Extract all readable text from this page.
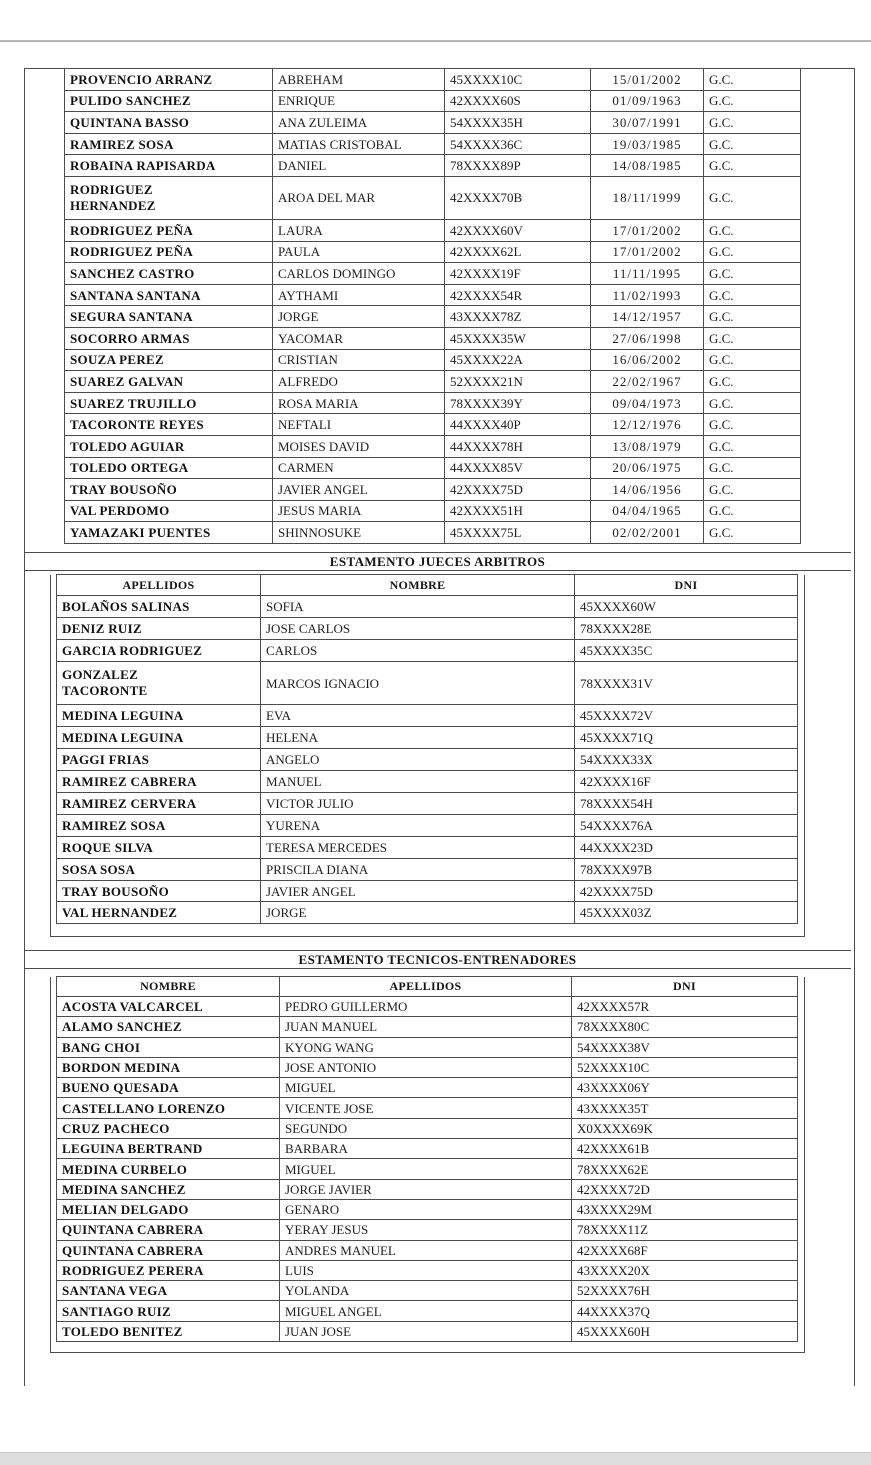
PROVENCIO ARRANZ	ABREHAM	45XXXX10C	15/01/2002	G.C.
PULIDO SANCHEZ	ENRIQUE	42XXXX60S	01/09/1963	G.C.
QUINTANA BASSO	ANA ZULEIMA	54XXXX35H	30/07/1991	G.C.
RAMIREZ SOSA	MATIAS CRISTOBAL	54XXXX36C	19/03/1985	G.C.
ROBAINA RAPISARDA	DANIEL	78XXXX89P	14/08/1985	G.C.
RODRIGUEZ HERNANDEZ	AROA DEL MAR	42XXXX70B	18/11/1999	G.C.
RODRIGUEZ PEÑA	LAURA	42XXXX60V	17/01/2002	G.C.
RODRIGUEZ PEÑA	PAULA	42XXXX62L	17/01/2002	G.C.
SANCHEZ CASTRO	CARLOS DOMINGO	42XXXX19F	11/11/1995	G.C.
SANTANA SANTANA	AYTHAMI	42XXXX54R	11/02/1993	G.C.
SEGURA SANTANA	JORGE	43XXXX78Z	14/12/1957	G.C.
SOCORRO ARMAS	YACOMAR	45XXXX35W	27/06/1998	G.C.
SOUZA PEREZ	CRISTIAN	45XXXX22A	16/06/2002	G.C.
SUAREZ GALVAN	ALFREDO	52XXXX21N	22/02/1967	G.C.
SUAREZ TRUJILLO	ROSA MARIA	78XXXX39Y	09/04/1973	G.C.
TACORONTE REYES	NEFTALI	44XXXX40P	12/12/1976	G.C.
TOLEDO AGUIAR	MOISES DAVID	44XXXX78H	13/08/1979	G.C.
TOLEDO ORTEGA	CARMEN	44XXXX85V	20/06/1975	G.C.
TRAY BOUSOÑO	JAVIER ANGEL	42XXXX75D	14/06/1956	G.C.
VAL PERDOMO	JESUS MARIA	42XXXX51H	04/04/1965	G.C.
YAMAZAKI PUENTES	SHINNOSUKE	45XXXX75L	02/02/2001	G.C.
ESTAMENTO JUECES ARBITROS
APELLIDOS	NOMBRE	DNI
BOLAÑOS SALINAS	SOFIA	45XXXX60W
DENIZ RUIZ	JOSE CARLOS	78XXXX28E
GARCIA RODRIGUEZ	CARLOS	45XXXX35C
GONZALEZ TACORONTE	MARCOS IGNACIO	78XXXX31V
MEDINA LEGUINA	EVA	45XXXX72V
MEDINA LEGUINA	HELENA	45XXXX71Q
PAGGI FRIAS	ANGELO	54XXXX33X
RAMIREZ CABRERA	MANUEL	42XXXX16F
RAMIREZ CERVERA	VICTOR JULIO	78XXXX54H
RAMIREZ SOSA	YURENA	54XXXX76A
ROQUE SILVA	TERESA MERCEDES	44XXXX23D
SOSA SOSA	PRISCILA DIANA	78XXXX97B
TRAY BOUSOÑO	JAVIER ANGEL	42XXXX75D
VAL HERNANDEZ	JORGE	45XXXX03Z
ESTAMENTO TECNICOS-ENTRENADORES
NOMBRE	APELLIDOS	DNI
ACOSTA VALCARCEL	PEDRO GUILLERMO	42XXXX57R
ALAMO SANCHEZ	JUAN MANUEL	78XXXX80C
BANG CHOI	KYONG WANG	54XXXX38V
BORDON MEDINA	JOSE ANTONIO	52XXXX10C
BUENO QUESADA	MIGUEL	43XXXX06Y
CASTELLANO LORENZO	VICENTE JOSE	43XXXX35T
CRUZ PACHECO	SEGUNDO	X0XXXX69K
LEGUINA BERTRAND	BARBARA	42XXXX61B
MEDINA CURBELO	MIGUEL	78XXXX62E
MEDINA SANCHEZ	JORGE JAVIER	42XXXX72D
MELIAN DELGADO	GENARO	43XXXX29M
QUINTANA CABRERA	YERAY JESUS	78XXXX11Z
QUINTANA CABRERA	ANDRES MANUEL	42XXXX68F
RODRIGUEZ PERERA	LUIS	43XXXX20X
SANTANA VEGA	YOLANDA	52XXXX76H
SANTIAGO RUIZ	MIGUEL ANGEL	44XXXX37Q
TOLEDO BENITEZ	JUAN JOSE	45XXXX60H
